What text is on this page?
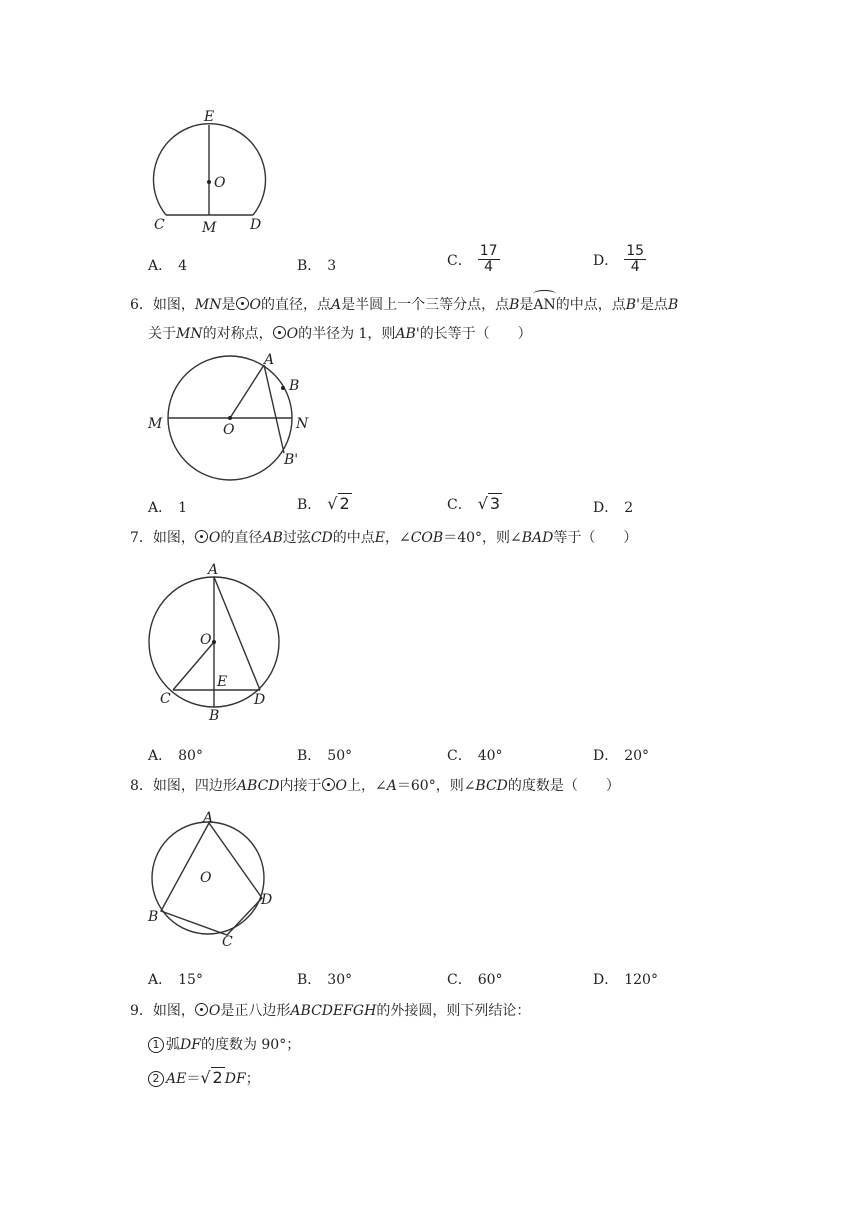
E
O
C	M D
A． 4	B． 3	C． $\frac{17}{4}$	D． $\frac{15}{4}$
6．如图，MN是 O的直径，点A是半圆上一个三等分点，点B是AN的中点，点B'是点B
关于MN的对称点， O的半径为 1，则AB'的长等于（　　）
A
B
M	O	N
B'
A． 1	B． √ 2	C． √ 3	D． 2
7．如图， O的直径AB过弦CD的中点E，∠COB＝40°，则∠BAD等于（　　）
A
O
E
C
B
D
A． 80°	B． 50°	C． 40°	D． 20°
8．如图，四边形ABCD内接于 O上，∠A＝60°，则∠BCD的度数是（　　）
A
O
B
C
D
A． 15°	B． 30°	C． 60°	D． 120°
9．如图， O是正八边形ABCDEFGH的外接圆，则下列结论：
1 弧DF的度数为 90°；
2 AE＝√ 2 DF；
